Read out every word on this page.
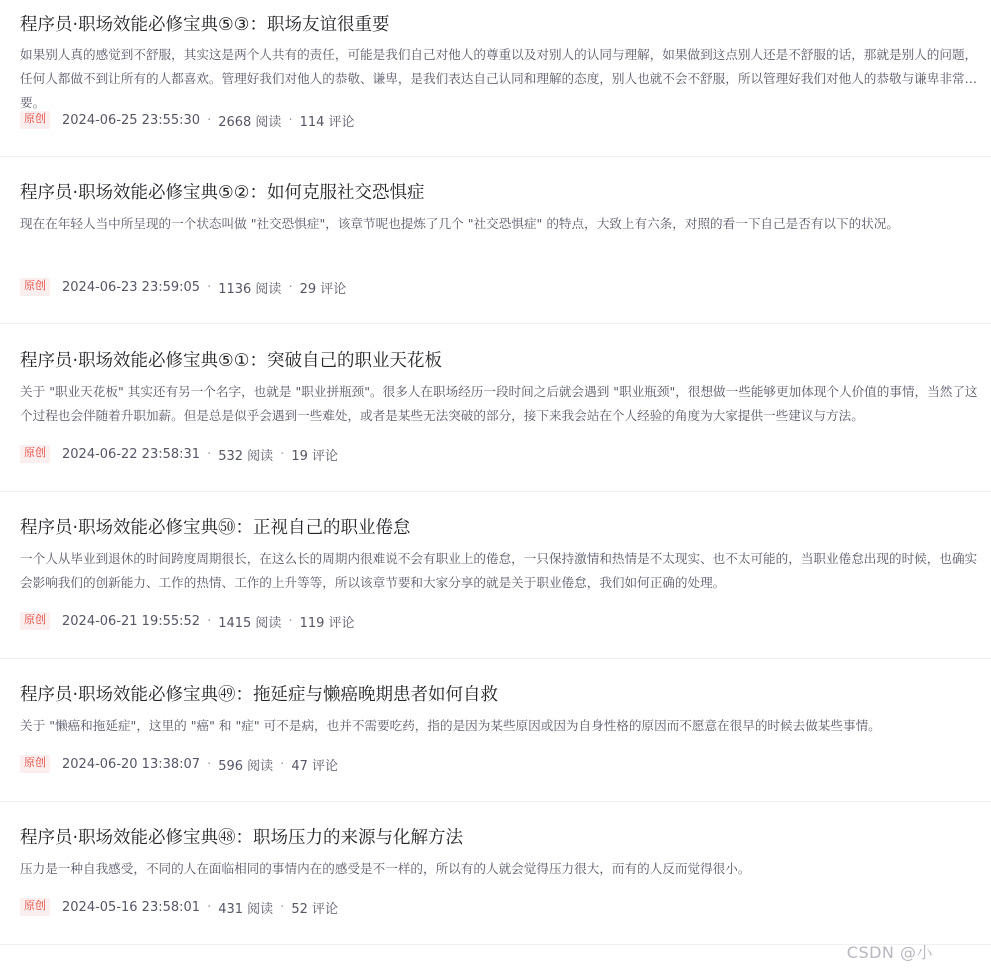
程序员·职场效能必修宝典⑤③：职场友谊很重要
如果别人真的感觉到不舒服，其实这是两个人共有的责任，可能是我们自己对他人的尊重以及对别人的认同与理解，如果做到这点别人还是不舒服的话，那就是别人的问题，任何人都做不到让所有的人都喜欢。管理好我们对他人的恭敬、谦卑，是我们表达自己认同和理解的态度，别人也就不会不舒服，所以管理好我们对他人的恭敬与谦卑非常重要。
原创	2024-06-25 23:55:30 · 2668 阅读 · 114 评论
程序员·职场效能必修宝典⑤②：如何克服社交恐惧症
现在在年轻人当中所呈现的一个状态叫做 "社交恐惧症"，该章节呢也提炼了几个 "社交恐惧症" 的特点，大致上有六条，对照的看一下自己是否有以下的状况。
原创	2024-06-23 23:59:05 · 1136 阅读 · 29 评论
程序员·职场效能必修宝典⑤①：突破自己的职业天花板
关于 "职业天花板" 其实还有另一个名字，也就是 "职业拼瓶颈"。很多人在职场经历一段时间之后就会遇到 "职业瓶颈"，很想做一些能够更加体现个人价值的事情，当然了这个过程也会伴随着升职加薪。但是总是似乎会遇到一些难处，或者是某些无法突破的部分，接下来我会站在个人经验的角度为大家提供一些建议与方法。
原创	2024-06-22 23:58:31 · 532 阅读 · 19 评论
程序员·职场效能必修宝典㊿：正视自己的职业倦怠
一个人从毕业到退休的时间跨度周期很长，在这么长的周期内很难说不会有职业上的倦怠，一只保持激情和热情是不太现实、也不太可能的，当职业倦怠出现的时候，也确实会影响我们的创新能力、工作的热情、工作的上升等等，所以该章节要和大家分享的就是关于职业倦怠，我们如何正确的处理。
原创	2024-06-21 19:55:52 · 1415 阅读 · 119 评论
程序员·职场效能必修宝典㊾：拖延症与懒癌晚期患者如何自救
关于 "懒癌和拖延症"，这里的 "癌" 和 "症" 可不是病，也并不需要吃药，指的是因为某些原因或因为自身性格的原因而不愿意在很早的时候去做某些事情。
原创	2024-06-20 13:38:07 · 596 阅读 · 47 评论
程序员·职场效能必修宝典㊽：职场压力的来源与化解方法
压力是一种自我感受，不同的人在面临相同的事情内在的感受是不一样的，所以有的人就会觉得压力很大，而有的人反而觉得很小。
原创	2024-05-16 23:58:01 · 431 阅读 · 52 评论
CSDN @小
